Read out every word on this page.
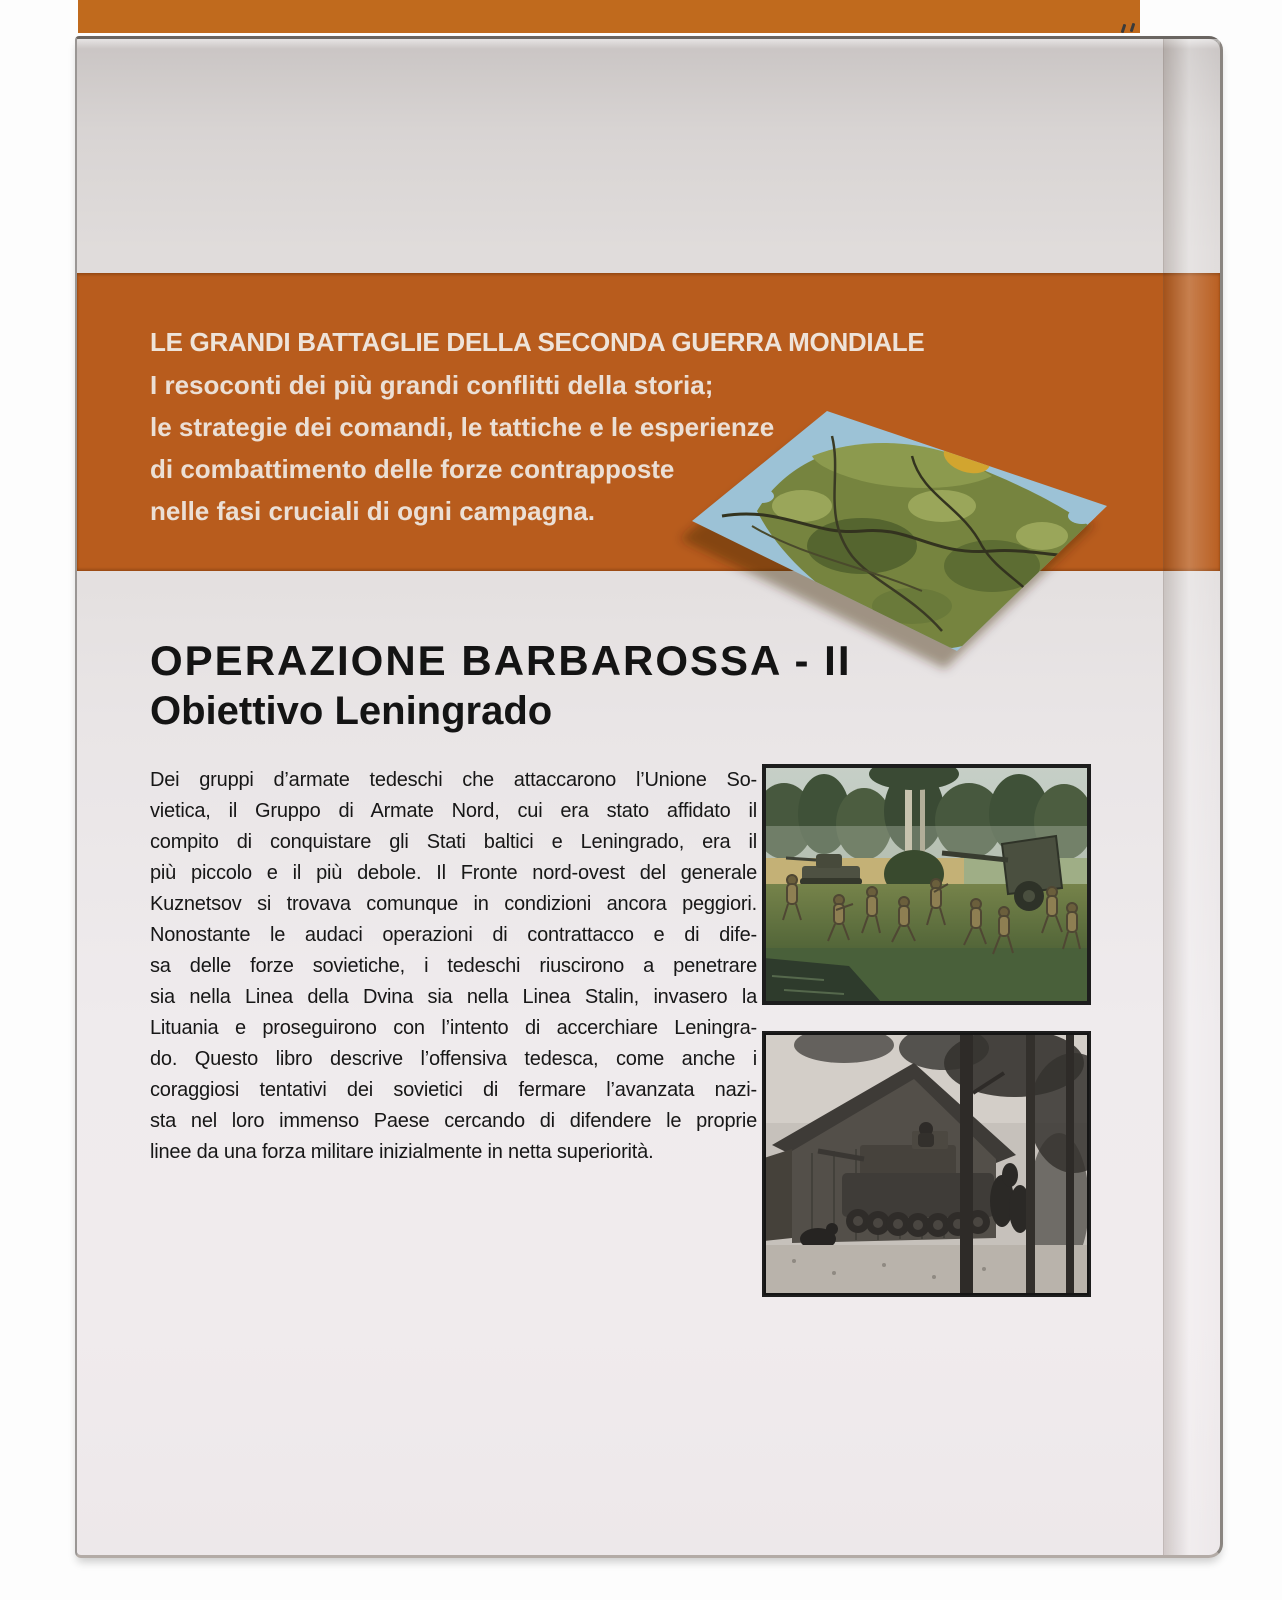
LE GRANDI BATTAGLIE DELLA SECONDA GUERRA MONDIALE
I resoconti dei più grandi conflitti della storia;
le strategie dei comandi, le tattiche e le esperienze
di combattimento delle forze contrapposte
nelle fasi cruciali di ogni campagna.
OPERAZIONE BARBAROSSA - II
Obiettivo Leningrado
Dei gruppi d’armate tedeschi che attaccarono l’Unione So-
vietica, il Gruppo di Armate Nord, cui era stato affidato il
compito di conquistare gli Stati baltici e Leningrado, era il
più piccolo e il più debole. Il Fronte nord-ovest del generale
Kuznetsov si trovava comunque in condizioni ancora peggiori.
Nonostante le audaci operazioni di contrattacco e di dife-
sa delle forze sovietiche, i tedeschi riuscirono a penetrare
sia nella Linea della Dvina sia nella Linea Stalin, invasero la
Lituania e proseguirono con l’intento di accerchiare Leningra-
do. Questo libro descrive l’offensiva tedesca, come anche i
coraggiosi tentativi dei sovietici di fermare l’avanzata nazi-
sta nel loro immenso Paese cercando di difendere le proprie
linee da una forza militare inizialmente in netta superiorità.
